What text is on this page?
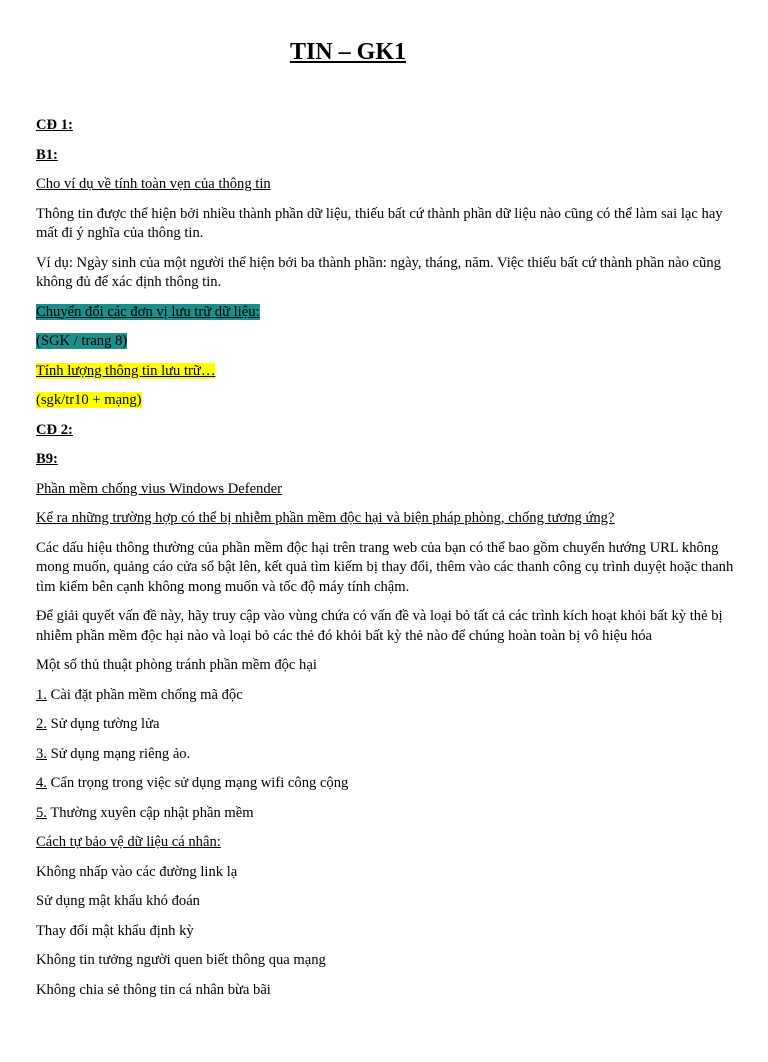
TIN – GK1

CĐ 1:

B1:

Cho ví dụ về tính toàn vẹn của thông tin

Thông tin được thể hiện bởi nhiều thành phần dữ liệu, thiếu bất cứ thành phần dữ liệu nào cũng có thể làm sai lạc hay mất đi ý nghĩa của thông tin.

Ví dụ: Ngày sinh của một người thể hiện bởi ba thành phần: ngày, tháng, năm. Việc thiếu bất cứ thành phần nào cũng không đủ để xác định thông tin.

Chuyển đổi các đơn vị lưu trữ dữ liệu:

(SGK / trang 8)

Tính lượng thông tin lưu trữ…

(sgk/tr10 + mạng)

CĐ 2:

B9:

Phần mềm chống vius Windows Defender

Kể ra những trường hợp có thể bị nhiễm phần mềm độc hại và biện pháp phòng, chống tương ứng?

Các dấu hiệu thông thường của phần mềm độc hại trên trang web của bạn có thể bao gồm chuyển hướng URL không mong muốn, quảng cáo cửa sổ bật lên, kết quả tìm kiếm bị thay đổi, thêm vào các thanh công cụ trình duyệt hoặc thanh tìm kiếm bên cạnh không mong muốn và tốc độ máy tính chậm.

Để giải quyết vấn đề này, hãy truy cập vào vùng chứa có vấn đề và loại bỏ tất cả các trình kích hoạt khỏi bất kỳ thẻ bị nhiễm phần mềm độc hại nào và loại bỏ các thẻ đó khỏi bất kỳ thẻ nào để chúng hoàn toàn bị vô hiệu hóa

Một số thủ thuật phòng tránh phần mềm độc hại

1. Cài đặt phần mềm chống mã độc

2. Sử dụng tường lửa

3. Sử dụng mạng riêng ảo.

4. Cẩn trọng trong việc sử dụng mạng wifi công cộng

5. Thường xuyên cập nhật phần mềm

Cách tự bảo vệ dữ liệu cá nhân:

Không nhấp vào các đường link lạ

Sử dụng mật khẩu khó đoán

Thay đổi mật khẩu định kỳ

Không tin tưởng người quen biết thông qua mạng

Không chia sẻ thông tin cá nhân bừa bãi
